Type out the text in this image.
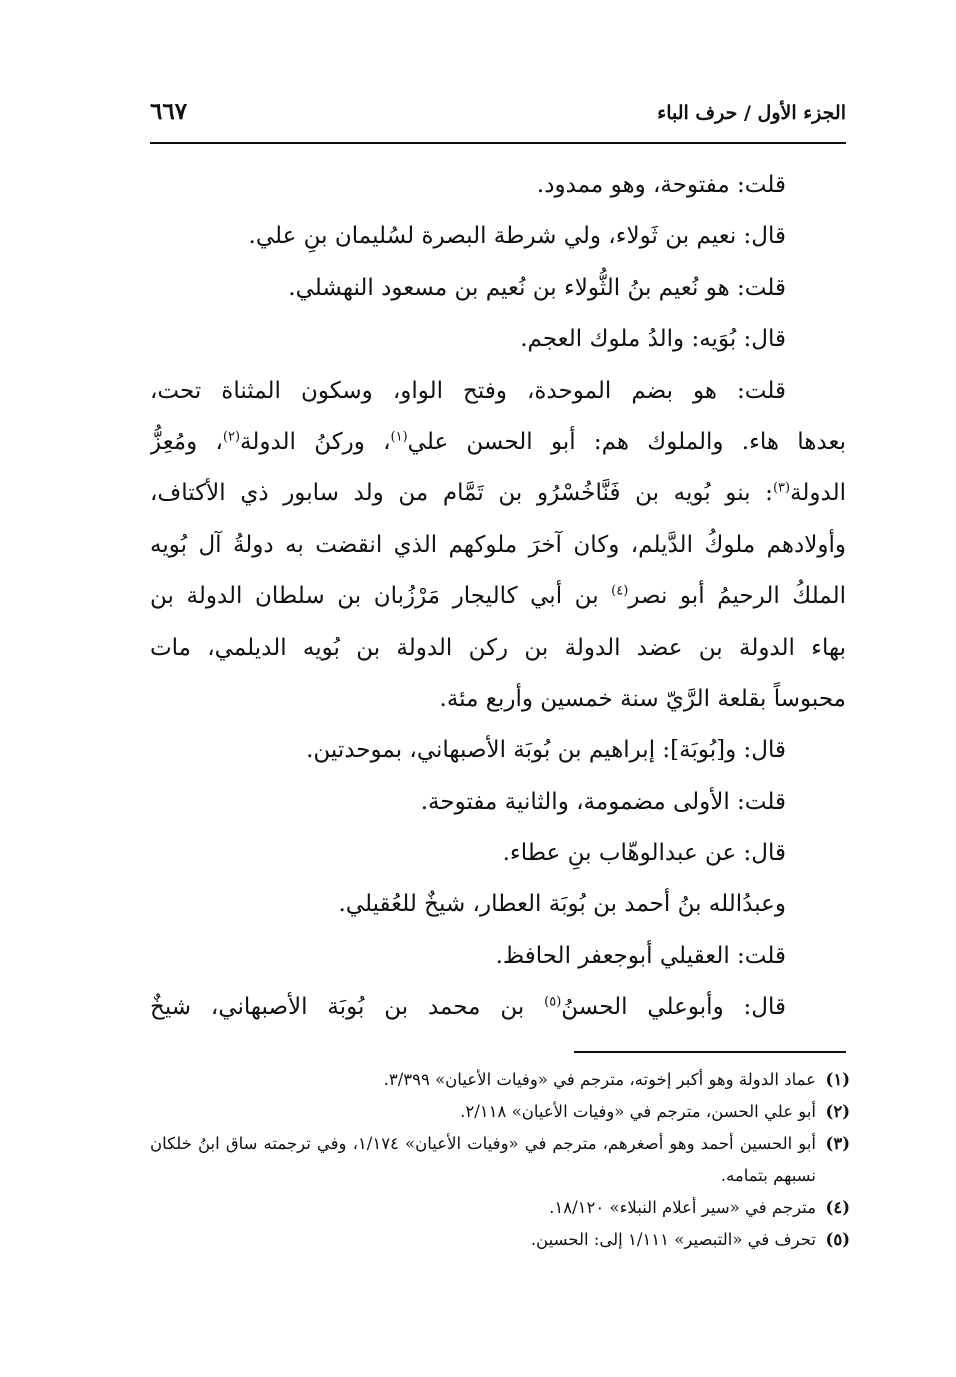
الجزء الأول / حرف الباء
٦٦٧
قلت: مفتوحة، وهو ممدود.
قال: نعيم بن ثَولاء، ولي شرطة البصرة لسُليمان بنِ علي.
قلت: هو نُعيم بنُ الثُّولاء بن نُعيم بن مسعود النهشلي.
قال: بُوَيه: والدُ ملوك العجم.
قلت: هو بضم الموحدة، وفتح الواو، وسكون المثناة تحت،
بعدها هاء. والملوك هم: أبو الحسن علي$^{(١)}$، وركنُ الدولة$^{(٢)}$، ومُعِزُّ
الدولة$^{(٣)}$: بنو بُويه بن فَنَّاخُسْرُو بن تَمَّام من ولد سابور ذي الأكتاف،
وأولادهم ملوكُ الدَّيلم، وكان آخرَ ملوكهم الذي انقضت به دولةُ آل بُويه
الملكُ الرحيمُ أبو نصر$^{(٤)}$ بن أبي كاليجار مَرْزُبان بن سلطان الدولة بن
بهاء الدولة بن عضد الدولة بن ركن الدولة بن بُويه الديلمي، مات
محبوساً بقلعة الرَّيّ سنة خمسين وأربع مئة.
قال: و[بُوبَة]: إبراهيم بن بُوبَة الأصبهاني، بموحدتين.
قلت: الأولى مضمومة، والثانية مفتوحة.
قال: عن عبدالوهّاب بنِ عطاء.
وعبدُالله بنُ أحمد بن بُوبَة العطار، شيخٌ للعُقيلي.
قلت: العقيلي أبوجعفر الحافظ.
قال: وأبوعلي الحسنُ$^{(٥)}$ بن محمد بن بُوبَة الأصبهاني، شيخٌ
(١)
عماد الدولة وهو أكبر إخوته، مترجم في «وفيات الأعيان» ٣/٣٩٩.
(٢)
أبو علي الحسن، مترجم في «وفيات الأعيان» ٢/١١٨.
(٣)
أبو الحسين أحمد وهو أصغرهم، مترجم في «وفيات الأعيان» ١/١٧٤، وفي ترجمته ساق ابنُ خلكان نسبهم بتمامه.
(٤)
مترجم في «سير أعلام النبلاء» ١٨/١٢٠.
(٥)
تحرف في «التبصير» ١/١١١ إلى: الحسين.
